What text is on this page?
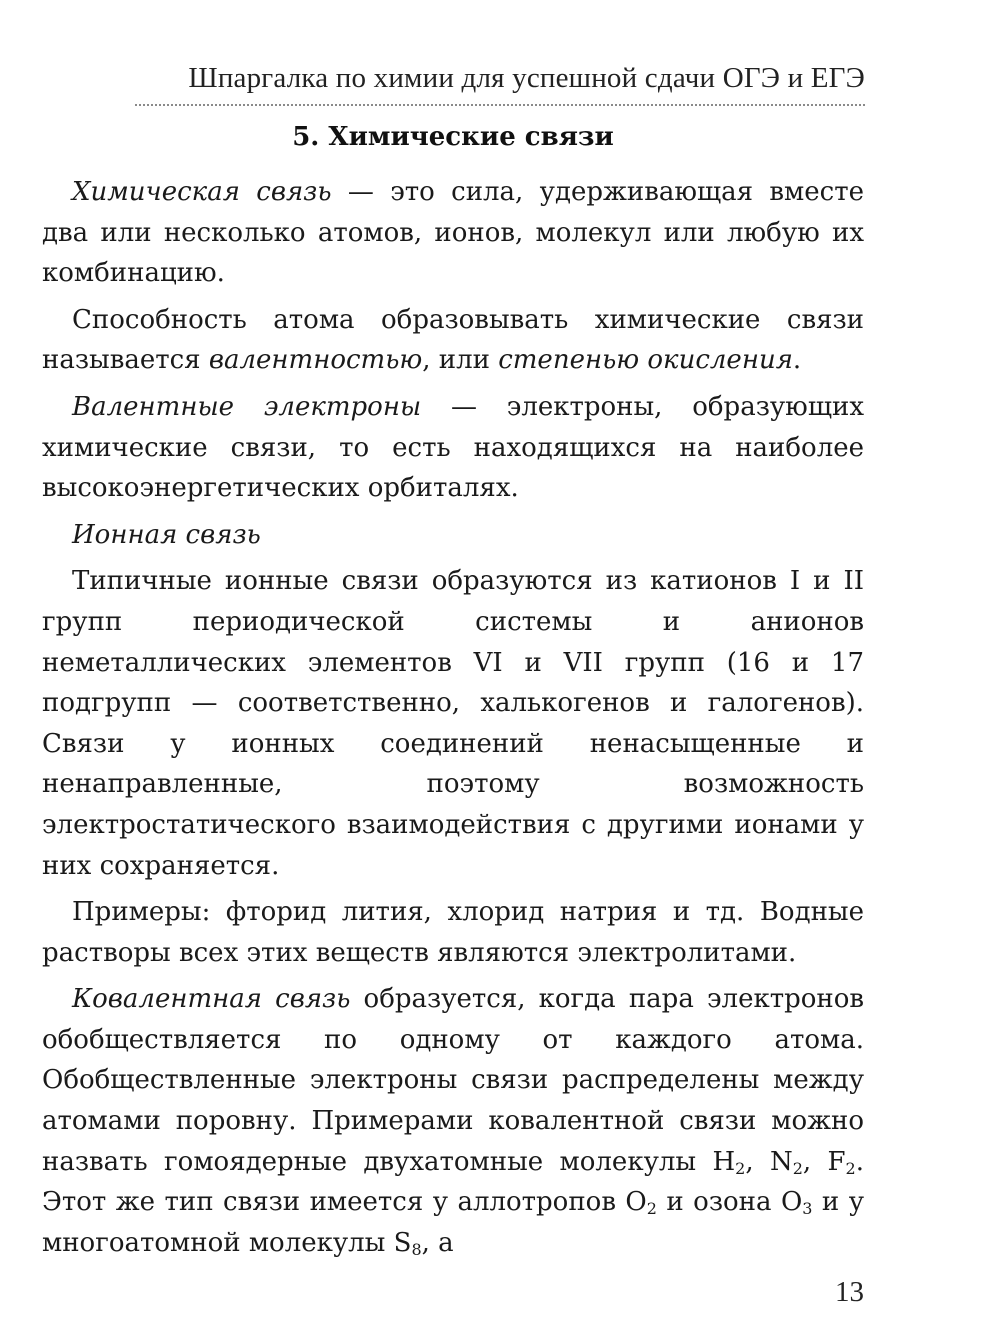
Шпаргалка по химии для успешной сдачи ОГЭ и ЕГЭ
5. Химические связи

Химическая связь — это сила, удерживающая вместе два или несколько атомов, ионов, молекул или любую их комбинацию.

Способность атома образовывать химические связи называется валентностью, или степенью окисления.

Валентные электроны — электроны, образующих химические связи, то есть находящихся на наиболее высокоэнергетических орбиталях.

Ионная связь

Типичные ионные связи образуются из катионов I и II групп периодической системы и анионов неметаллических элементов VI и VII групп (16 и 17 подгрупп — соответственно, халькогенов и галогенов). Связи у ионных соединений ненасыщенные и ненаправленные, поэтому возможность электростатического взаимодействия с другими ионами у них сохраняется.

Примеры: фторид лития, хлорид натрия и тд. Водные растворы всех этих веществ являются электролитами.

Ковалентная связь образуется, когда пара электронов обобществляется по одному от каждого атома. Обобществленные электроны связи распределены между атомами поровну. Примерами ковалентной связи можно назвать гомоядерные двухатомные молекулы $H_2$, $N_2$, $F_2$. Этот же тип связи имеется у аллотропов $O_2$ и озона $O_3$ и у многоатомной молекулы $S_8$, а

13
